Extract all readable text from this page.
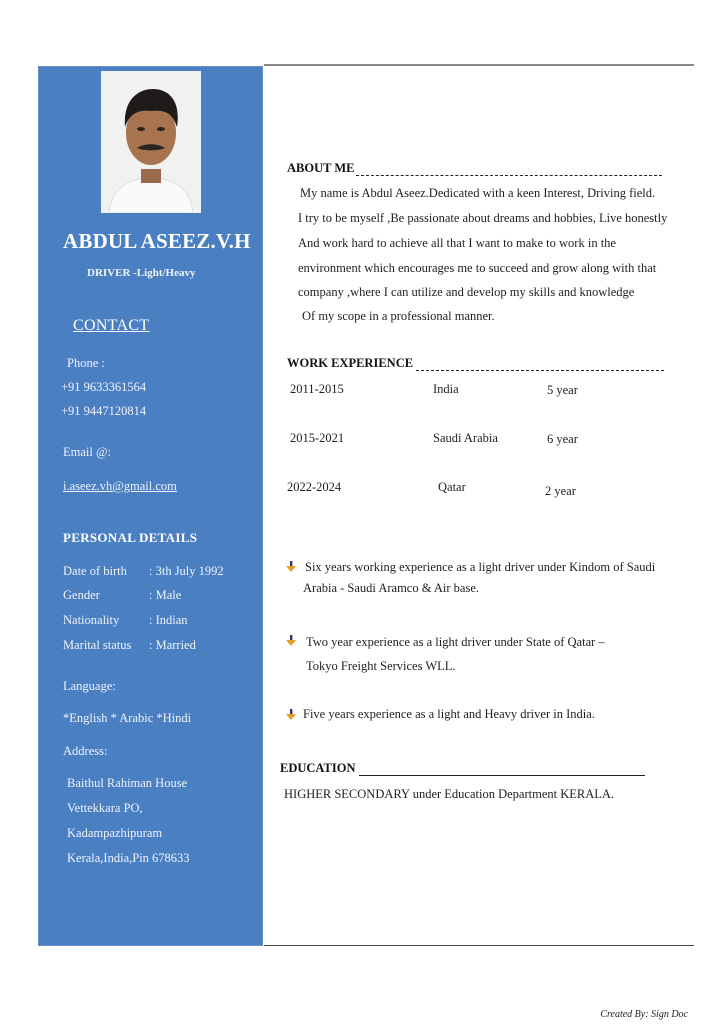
ABDUL ASEEZ.V.H
DRIVER -Light/Heavy
CONTACT
Phone :
+91 9633361564
+91 9447120814
Email @:
i.aseez.vh@gmail.com
PERSONAL DETAILS
Date of birth : 3th July 1992
Gender	: Male
Nationality : Indian
Marital status : Married
Language:
*English * Arabic *Hindi
Address:
Baithul Rahiman House
Vettekkara PO,
Kadampazhipuram
Kerala,India,Pin 678633
ABOUT ME
My name is Abdul Aseez.Dedicated with a keen Interest, Driving field.
I try to be myself ,Be passionate about dreams and hobbies, Live honestly
And work hard to achieve all that I want to make to work in the
environment which encourages me to succeed and grow along with that
company ,where I can utilize and develop my skills and knowledge
Of my scope in a professional manner.
WORK EXPERIENCE
2011-2015	India	5 year
2015-2021	Saudi Arabia	6 year
2022-2024	Qatar	2 year
Six years working experience as a light driver under Kindom of Saudi
Arabia - Saudi Aramco & Air base.
Two year experience as a light driver under State of Qatar –
Tokyo Freight Services WLL.
Five years experience as a light and Heavy driver in India.
EDUCATION
HIGHER SECONDARY under Education Department KERALA.
Created By: Sign Doc
